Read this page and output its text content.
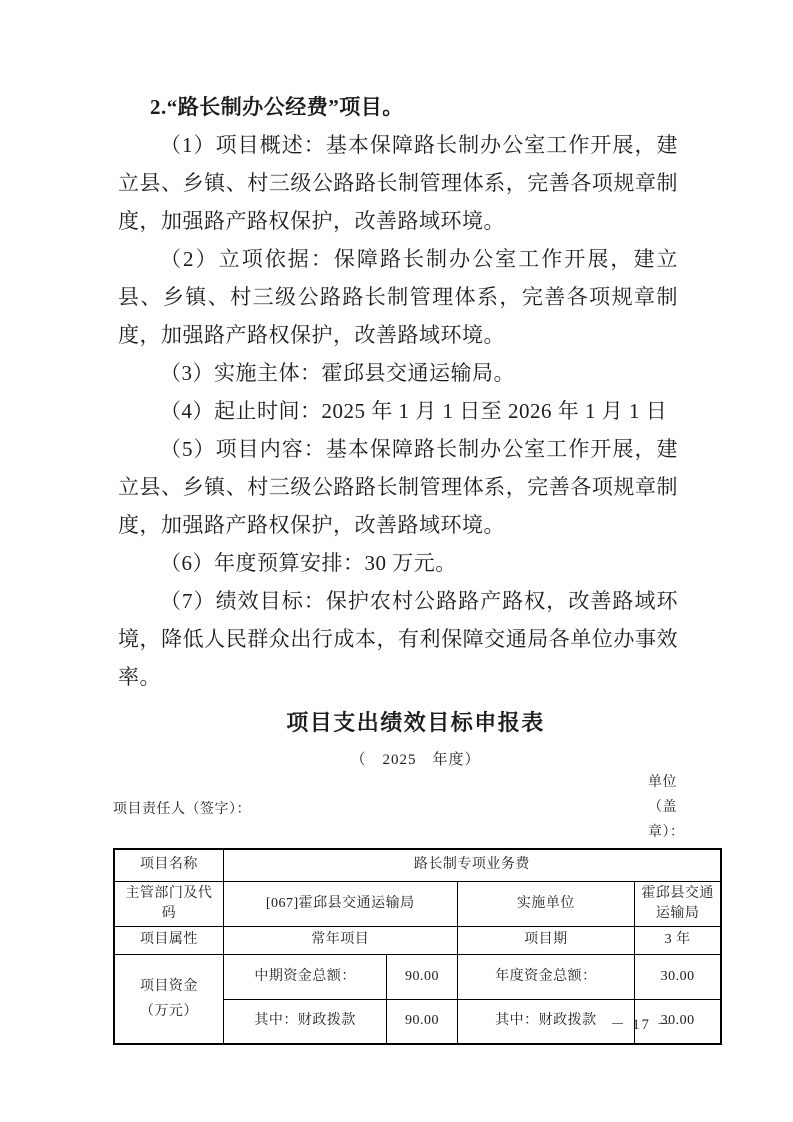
2.“路长制办公经费”项目。

（1）项目概述：基本保障路长制办公室工作开展，建立县、乡镇、村三级公路路长制管理体系，完善各项规章制度，加强路产路权保护，改善路域环境。

（2）立项依据：保障路长制办公室工作开展，建立县、乡镇、村三级公路路长制管理体系，完善各项规章制度，加强路产路权保护，改善路域环境。

（3）实施主体：霍邱县交通运输局。

（4）起止时间：2025 年 1 月 1 日至 2026 年 1 月 1 日

（5）项目内容：基本保障路长制办公室工作开展，建立县、乡镇、村三级公路路长制管理体系，完善各项规章制度，加强路产路权保护，改善路域环境。

（6）年度预算安排：30 万元。

（7）绩效目标：保护农村公路路产路权，改善路域环境，降低人民群众出行成本，有利保障交通局各单位办事效率。

项目支出绩效目标申报表
（　2025　年度）
项目责任人（签字）：
单位（盖章）：
项目名称	路长制专项业务费			
主管部门及代码	[067]霍邱县交通运输局		实施单位	霍邱县交通运输局
项目属性	常年项目		项目期	3 年

项目资金
（万元）	中期资金总额：	90.00	年度资金总额：	30.00
	其中：财政拨款	90.00	其中：财政拨款	30.00
－ 17 －
